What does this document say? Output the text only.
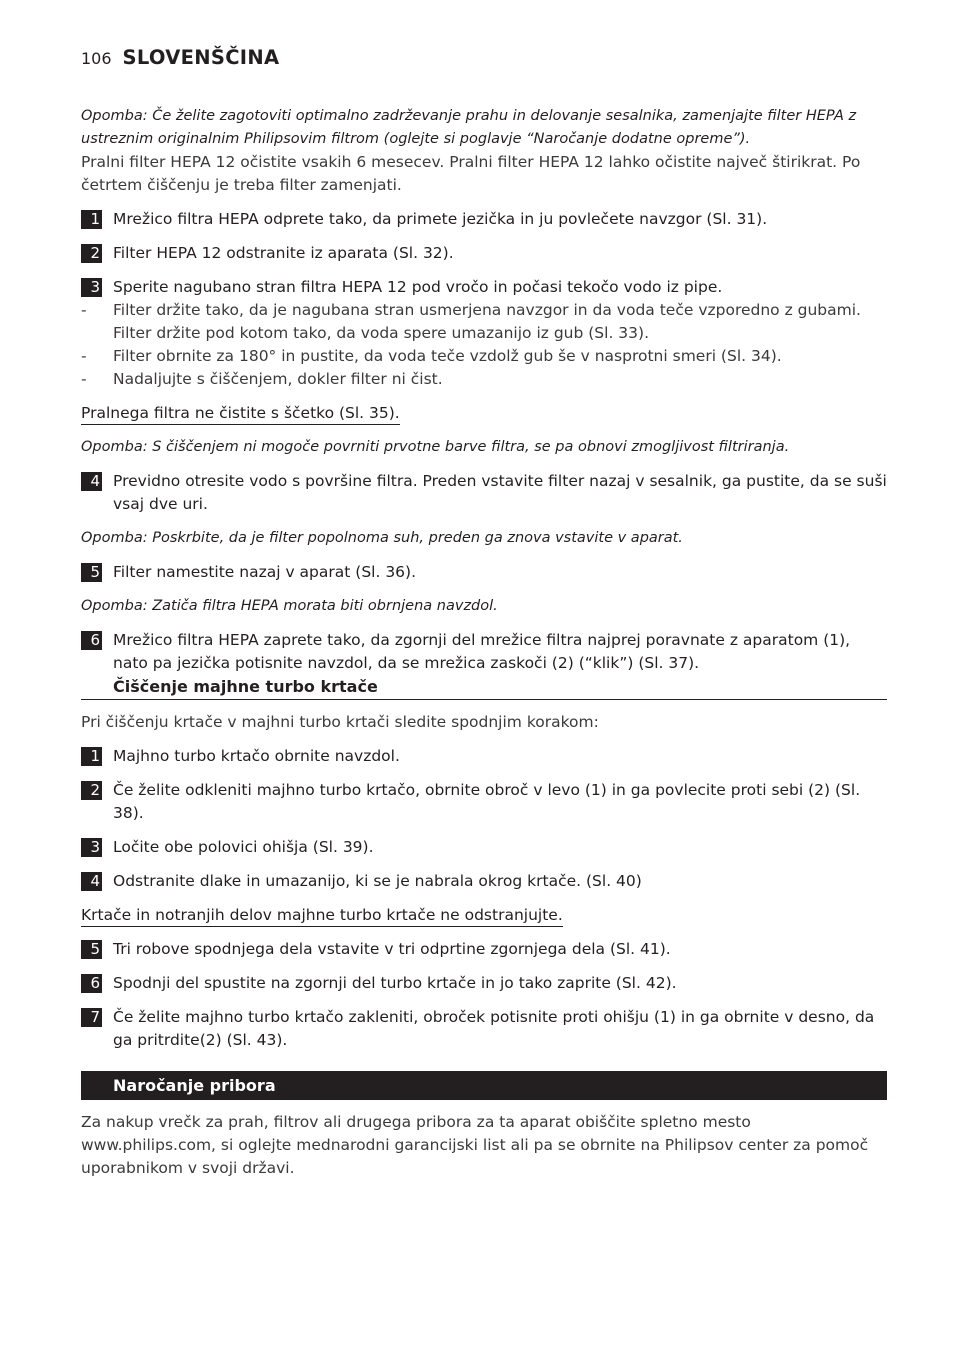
106 SLOVENŠČINA

Opomba: Če želite zagotoviti optimalno zadrževanje prahu in delovanje sesalnika, zamenjajte filter HEPA z ustreznim originalnim Philipsovim filtrom (oglejte si poglavje “Naročanje dodatne opreme”).

Pralni filter HEPA 12 očistite vsakih 6 mesecev. Pralni filter HEPA 12 lahko očistite največ štirikrat. Po četrtem čiščenju je treba filter zamenjati.

1 Mrežico filtra HEPA odprete tako, da primete jezička in ju povlečete navzgor (Sl. 31).
2 Filter HEPA 12 odstranite iz aparata (Sl. 32).
3 Sperite nagubano stran filtra HEPA 12 pod vročo in počasi tekočo vodo iz pipe.
-	Filter držite tako, da je nagubana stran usmerjena navzgor in da voda teče vzporedno z gubami. Filter držite pod kotom tako, da voda spere umazanijo iz gub (Sl. 33).
-	Filter obrnite za 180° in pustite, da voda teče vzdolž gub še v nasprotni smeri (Sl. 34).
-	Nadaljujte s čiščenjem, dokler filter ni čist.
Pralnega filtra ne čistite s ščetko (Sl. 35).

Opomba: S čiščenjem ni mogoče povrniti prvotne barve filtra, se pa obnovi zmogljivost filtriranja.

4 Previdno otresite vodo s površine filtra. Preden vstavite filter nazaj v sesalnik, ga pustite, da se suši vsaj dve uri.

Opomba: Poskrbite, da je filter popolnoma suh, preden ga znova vstavite v aparat.

5 Filter namestite nazaj v aparat (Sl. 36).

Opomba: Zatiča filtra HEPA morata biti obrnjena navzdol.

6 Mrežico filtra HEPA zaprete tako, da zgornji del mrežice filtra najprej poravnate z aparatom (1), nato pa jezička potisnite navzdol, da se mrežica zaskoči (2) (“klik”) (Sl. 37).
Čiščenje majhne turbo krtače

Pri čiščenju krtače v majhni turbo krtači sledite spodnjim korakom:

1 Majhno turbo krtačo obrnite navzdol.
2 Če želite odkleniti majhno turbo krtačo, obrnite obroč v levo (1) in ga povlecite proti sebi (2) (Sl. 38).
3 Ločite obe polovici ohišja (Sl. 39).
4 Odstranite dlake in umazanijo, ki se je nabrala okrog krtače. (Sl. 40)
Krtače in notranjih delov majhne turbo krtače ne odstranjujte.
5 Tri robove spodnjega dela vstavite v tri odprtine zgornjega dela (Sl. 41).
6 Spodnji del spustite na zgornji del turbo krtače in jo tako zaprite (Sl. 42).
7 Če želite majhno turbo krtačo zakleniti, obroček potisnite proti ohišju (1) in ga obrnite v desno, da ga pritrdite(2) (Sl. 43).
Naročanje pribora

Za nakup vrečk za prah, filtrov ali drugega pribora za ta aparat obiščite spletno mesto www.philips.com, si oglejte mednarodni garancijski list ali pa se obrnite na Philipsov center za pomoč uporabnikom v svoji državi.
